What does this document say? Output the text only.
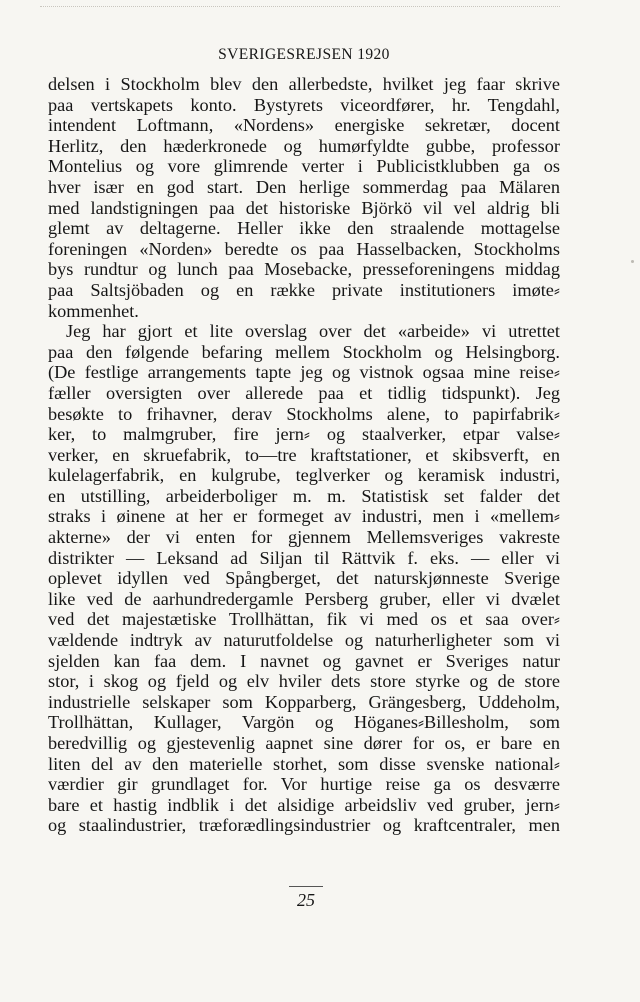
SVERIGESREJSEN 1920
delsen i Stockholm blev den allerbedste, hvilket jeg faar skrive
paa vertskapets konto. Bystyrets viceordfører, hr. Tengdahl,
intendent Loftmann, «Nordens» energiske sekretær, docent
Herlitz, den hæderkronede og humørfyldte gubbe, professor
Montelius og vore glimrende verter i Publicistklubben ga os
hver især en god start. Den herlige sommerdag paa Mälaren
med landstigningen paa det historiske Björkö vil vel aldrig bli
glemt av deltagerne. Heller ikke den straalende mottagelse
foreningen «Norden» beredte os paa Hasselbacken, Stockholms
bys rundtur og lunch paa Mosebacke, presseforeningens middag
paa Saltsjöbaden og en række private institutioners imøte⸗
kommenhet.
Jeg har gjort et lite overslag over det «arbeide» vi utrettet
paa den følgende befaring mellem Stockholm og Helsingborg.
(De festlige arrangements tapte jeg og vistnok ogsaa mine reise⸗
fæller oversigten over allerede paa et tidlig tidspunkt). Jeg
besøkte to frihavner, derav Stockholms alene, to papirfabrik⸗
ker, to malmgruber, fire jern⸗ og staalverker, etpar valse⸗
verker, en skruefabrik, to—tre kraftstationer, et skibsverft, en
kulelagerfabrik, en kulgrube, teglverker og keramisk industri,
en utstilling, arbeiderboliger m. m. Statistisk set falder det
straks i øinene at her er formeget av industri, men i «mellem⸗
akterne» der vi enten for gjennem Mellemsveriges vakreste
distrikter — Leksand ad Siljan til Rättvik f. eks. — eller vi
oplevet idyllen ved Spångberget, det naturskjønneste Sverige
like ved de aarhundredergamle Persberg gruber, eller vi dvælet
ved det majestætiske Trollhättan, fik vi med os et saa over⸗
vældende indtryk av naturutfoldelse og naturherligheter som vi
sjelden kan faa dem. I navnet og gavnet er Sveriges natur
stor, i skog og fjeld og elv hviler dets store styrke og de store
industrielle selskaper som Kopparberg, Grängesberg, Uddeholm,
Trollhättan, Kullager, Vargön og Höganes⸗Billesholm, som
beredvillig og gjestevenlig aapnet sine dører for os, er bare en
liten del av den materielle storhet, som disse svenske national⸗
værdier gir grundlaget for. Vor hurtige reise ga os desværre
bare et hastig indblik i det alsidige arbeidsliv ved gruber, jern⸗
og staalindustrier, træforædlingsindustrier og kraftcentraler, men
25
